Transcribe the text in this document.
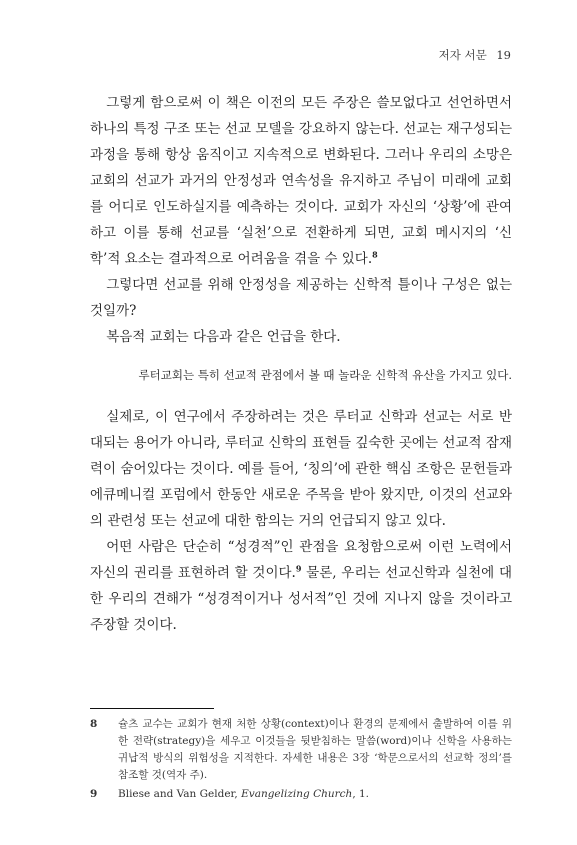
저자 서문 19

그렇게 함으로써 이 책은 이전의 모든 주장은 쓸모없다고 선언하면서 하나의 특정 구조 또는 선교 모델을 강요하지 않는다. 선교는 재구성되는 과정을 통해 항상 움직이고 지속적으로 변화된다. 그러나 우리의 소망은 교회의 선교가 과거의 안정성과 연속성을 유지하고 주님이 미래에 교회를 어디로 인도하실지를 예측하는 것이다. 교회가 자신의 ‘상황’에 관여하고 이를 통해 선교를 ‘실천’으로 전환하게 되면, 교회 메시지의 ‘신학’적 요소는 결과적으로 어려움을 겪을 수 있다.$^8$

그렇다면 선교를 위해 안정성을 제공하는 신학적 틀이나 구성은 없는 것일까?

복음적 교회는 다음과 같은 언급을 한다.

루터교회는 특히 선교적 관점에서 볼 때 놀라운 신학적 유산을 가지고 있다.

실제로, 이 연구에서 주장하려는 것은 루터교 신학과 선교는 서로 반대되는 용어가 아니라, 루터교 신학의 표현들 깊숙한 곳에는 선교적 잠재력이 숨어있다는 것이다. 예를 들어, ‘칭의’에 관한 핵심 조항은 문헌들과 에큐메니컬 포럼에서 한동안 새로운 주목을 받아 왔지만, 이것의 선교와의 관련성 또는 선교에 대한 함의는 거의 언급되지 않고 있다.

어떤 사람은 단순히 “성경적”인 관점을 요청함으로써 이런 노력에서 자신의 권리를 표현하려 할 것이다.$^9$ 물론, 우리는 선교신학과 실천에 대한 우리의 견해가 “성경적이거나 성서적”인 것에 지나지 않을 것이라고 주장할 것이다.

8	슐츠 교수는 교회가 현재 처한 상황(context)이나 환경의 문제에서 출발하여 이를 위한 전략(strategy)을 세우고 이것들을 뒷받침하는 말씀(word)이나 신학을 사용하는 귀납적 방식의 위험성을 지적한다. 자세한 내용은 3장 ‘학문으로서의 선교학 정의’를 참조할 것(역자 주).
9	Bliese and Van Gelder, Evangelizing Church, 1.
